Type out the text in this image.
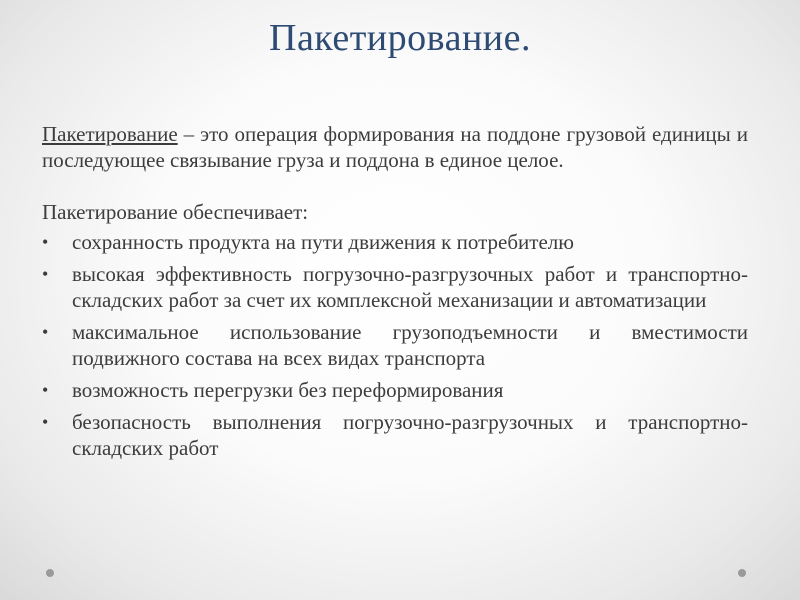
Пакетирование.

Пакетирование – это операция формирования на поддоне грузовой единицы и последующее связывание груза и поддона в единое целое.

Пакетирование обеспечивает:

•	сохранность продукта на пути движения к потребителю
•	высокая эффективность погрузочно-разгрузочных работ и транспортно-складских работ за счет их комплексной механизации и автоматизации
•	максимальное использование грузоподъемности и вместимости подвижного состава на всех видах транспорта
•	возможность перегрузки без переформирования
•	безопасность выполнения погрузочно-разгрузочных и транспортно-складских работ
